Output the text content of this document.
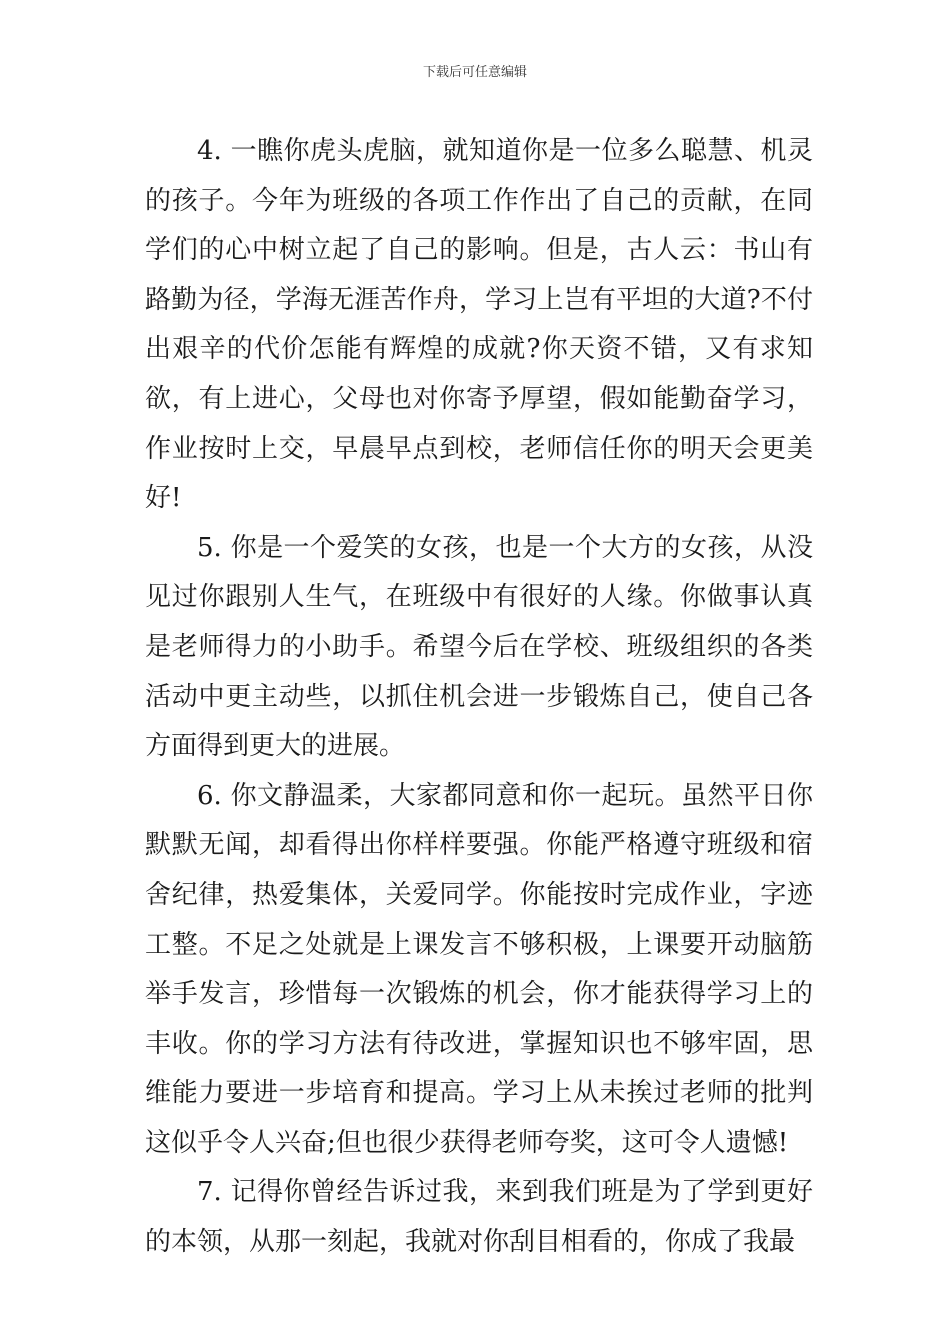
下载后可任意编辑

4. 一瞧你虎头虎脑，就知道你是一位多么聪慧、机灵的孩子。今年为班级的各项工作作出了自己的贡献，在同学们的心中树立起了自己的影响。但是，古人云：书山有路勤为径，学海无涯苦作舟，学习上岂有平坦的大道?不付出艰辛的代价怎能有辉煌的成就?你天资不错，又有求知欲，有上进心，父母也对你寄予厚望，假如能勤奋学习，作业按时上交，早晨早点到校，老师信任你的明天会更美好!

5. 你是一个爱笑的女孩，也是一个大方的女孩，从没见过你跟别人生气，在班级中有很好的人缘。你做事认真是老师得力的小助手。希望今后在学校、班级组织的各类活动中更主动些，以抓住机会进一步锻炼自己，使自己各方面得到更大的进展。

6. 你文静温柔，大家都同意和你一起玩。虽然平日你默默无闻，却看得出你样样要强。你能严格遵守班级和宿舍纪律，热爱集体，关爱同学。你能按时完成作业，字迹工整。不足之处就是上课发言不够积极，上课要开动脑筋举手发言，珍惜每一次锻炼的机会，你才能获得学习上的丰收。你的学习方法有待改进，掌握知识也不够牢固，思维能力要进一步培育和提高。学习上从未挨过老师的批判这似乎令人兴奋;但也很少获得老师夸奖，这可令人遗憾!

7. 记得你曾经告诉过我，来到我们班是为了学到更好的本领，从那一刻起，我就对你刮目相看的，你成了我最
